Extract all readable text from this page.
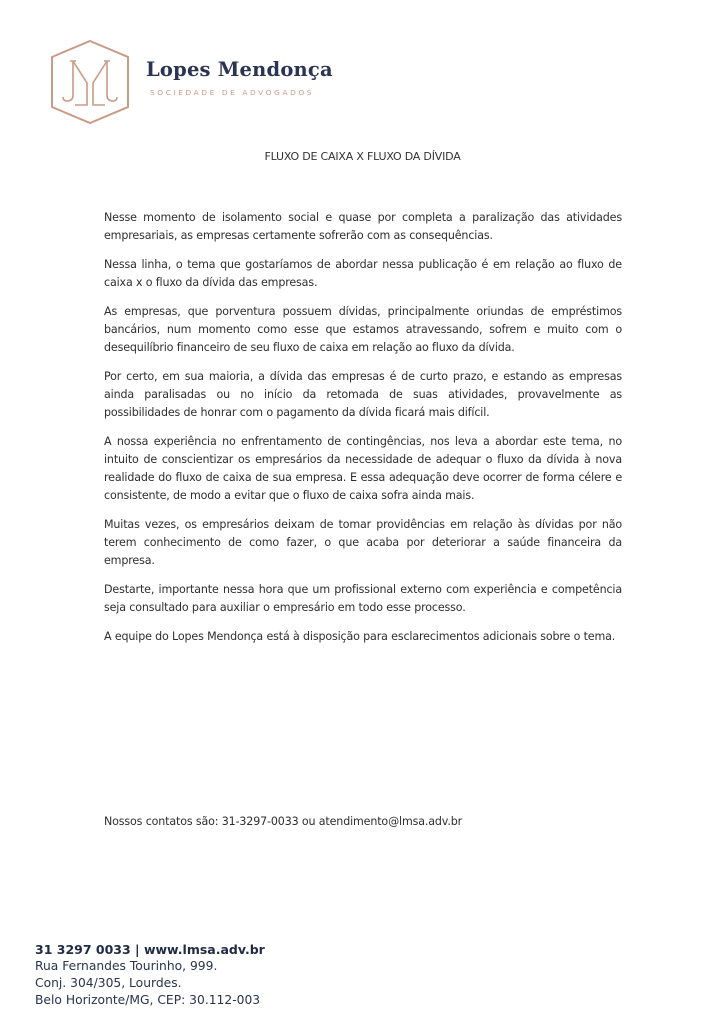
Lopes Mendonça
SOCIEDADE DE ADVOGADOS
FLUXO DE CAIXA X FLUXO DA DÍVIDA

Nesse momento de isolamento social e quase por completa a paralização das atividades empresariais, as empresas certamente sofrerão com as consequências.

Nessa linha, o tema que gostaríamos de abordar nessa publicação é em relação ao fluxo de caixa x o fluxo da dívida das empresas.

As empresas, que porventura possuem dívidas, principalmente oriundas de empréstimos bancários, num momento como esse que estamos atravessando, sofrem e muito com o desequilíbrio financeiro de seu fluxo de caixa em relação ao fluxo da dívida.

Por certo, em sua maioria, a dívida das empresas é de curto prazo, e estando as empresas ainda paralisadas ou no início da retomada de suas atividades, provavelmente as possibilidades de honrar com o pagamento da dívida ficará mais difícil.

A nossa experiência no enfrentamento de contingências, nos leva a abordar este tema, no intuito de conscientizar os empresários da necessidade de adequar o fluxo da dívida à nova realidade do fluxo de caixa de sua empresa. E essa adequação deve ocorrer de forma célere e consistente, de modo a evitar que o fluxo de caixa sofra ainda mais.

Muitas vezes, os empresários deixam de tomar providências em relação às dívidas por não terem conhecimento de como fazer, o que acaba por deteriorar a saúde financeira da empresa.

Destarte, importante nessa hora que um profissional externo com experiência e competência seja consultado para auxiliar o empresário em todo esse processo.

A equipe do Lopes Mendonça está à disposição para esclarecimentos adicionais sobre o tema.

Nossos contatos são: 31-3297-0033 ou atendimento@lmsa.adv.br
31 3297 0033 | www.lmsa.adv.br
Rua Fernandes Tourinho, 999.
Conj. 304/305, Lourdes.
Belo Horizonte/MG, CEP: 30.112-003
